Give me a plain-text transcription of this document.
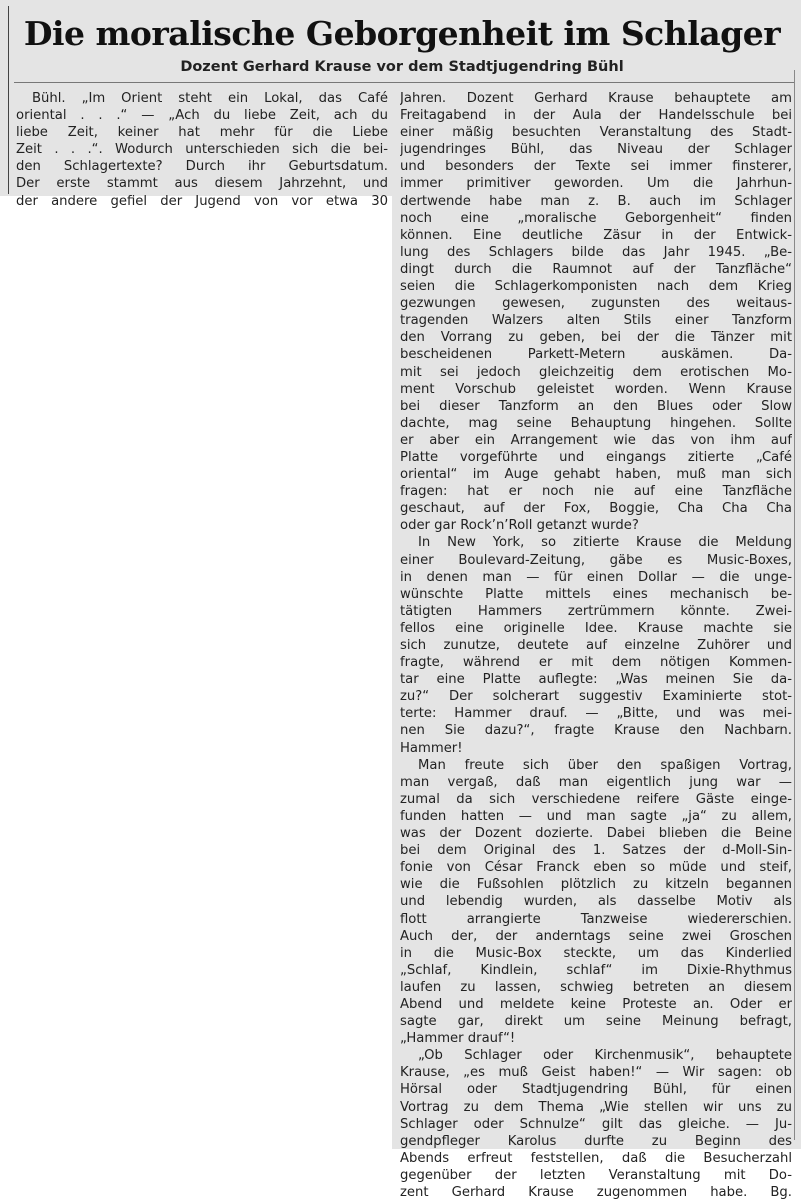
Die moralische Geborgenheit im Schlager
Dozent Gerhard Krause vor dem Stadtjugendring Bühl
Bühl. „Im Orient steht ein Lokal, das Café
oriental . . .“ — „Ach du liebe Zeit, ach du
liebe Zeit, keiner hat mehr für die Liebe
Zeit . . .“. Wodurch unterschieden sich die bei-
den Schlagertexte? Durch ihr Geburtsdatum.
Der erste stammt aus diesem Jahrzehnt, und
der andere gefiel der Jugend von vor etwa 30
Jahren. Dozent Gerhard Krause behauptete am
Freitagabend in der Aula der Handelsschule bei
einer mäßig besuchten Veranstaltung des Stadt-
jugendringes Bühl, das Niveau der Schlager
und besonders der Texte sei immer finsterer,
immer primitiver geworden. Um die Jahrhun-
dertwende habe man z. B. auch im Schlager
noch eine „moralische Geborgenheit“ finden
können. Eine deutliche Zäsur in der Entwick-
lung des Schlagers bilde das Jahr 1945. „Be-
dingt durch die Raumnot auf der Tanzfläche“
seien die Schlagerkomponisten nach dem Krieg
gezwungen gewesen, zugunsten des weitaus-
tragenden Walzers alten Stils einer Tanzform
den Vorrang zu geben, bei der die Tänzer mit
bescheidenen Parkett-Metern auskämen. Da-
mit sei jedoch gleichzeitig dem erotischen Mo-
ment Vorschub geleistet worden. Wenn Krause
bei dieser Tanzform an den Blues oder Slow
dachte, mag seine Behauptung hingehen. Sollte
er aber ein Arrangement wie das von ihm auf
Platte vorgeführte und eingangs zitierte „Café
oriental“ im Auge gehabt haben, muß man sich
fragen: hat er noch nie auf eine Tanzfläche
geschaut, auf der Fox, Boggie, Cha Cha Cha
oder gar Rock’n’Roll getanzt wurde?
In New York, so zitierte Krause die Meldung
einer Boulevard-Zeitung, gäbe es Music-Boxes,
in denen man — für einen Dollar — die unge-
wünschte Platte mittels eines mechanisch be-
tätigten Hammers zertrümmern könnte. Zwei-
fellos eine originelle Idee. Krause machte sie
sich zunutze, deutete auf einzelne Zuhörer und
fragte, während er mit dem nötigen Kommen-
tar eine Platte auflegte: „Was meinen Sie da-
zu?“ Der solcherart suggestiv Examinierte stot-
terte: Hammer drauf. — „Bitte, und was mei-
nen Sie dazu?“, fragte Krause den Nachbarn.
Hammer!
Man freute sich über den spaßigen Vortrag,
man vergaß, daß man eigentlich jung war —
zumal da sich verschiedene reifere Gäste einge-
funden hatten — und man sagte „ja“ zu allem,
was der Dozent dozierte. Dabei blieben die Beine
bei dem Original des 1. Satzes der d-Moll-Sin-
fonie von César Franck eben so müde und steif,
wie die Fußsohlen plötzlich zu kitzeln begannen
und lebendig wurden, als dasselbe Motiv als
flott arrangierte Tanzweise wiedererschien.
Auch der, der anderntags seine zwei Groschen
in die Music-Box steckte, um das Kinderlied
„Schlaf, Kindlein, schlaf“ im Dixie-Rhythmus
laufen zu lassen, schwieg betreten an diesem
Abend und meldete keine Proteste an. Oder er
sagte gar, direkt um seine Meinung befragt,
„Hammer drauf“!
„Ob Schlager oder Kirchenmusik“, behauptete
Krause, „es muß Geist haben!“ — Wir sagen: ob
Hörsal oder Stadtjugendring Bühl, für einen
Vortrag zu dem Thema „Wie stellen wir uns zu
Schlager oder Schnulze“ gilt das gleiche. — Ju-
gendpfleger Karolus durfte zu Beginn des
Abends erfreut feststellen, daß die Besucherzahl
gegenüber der letzten Veranstaltung mit Do-
zent Gerhard Krause zugenommen habe. Bg.
